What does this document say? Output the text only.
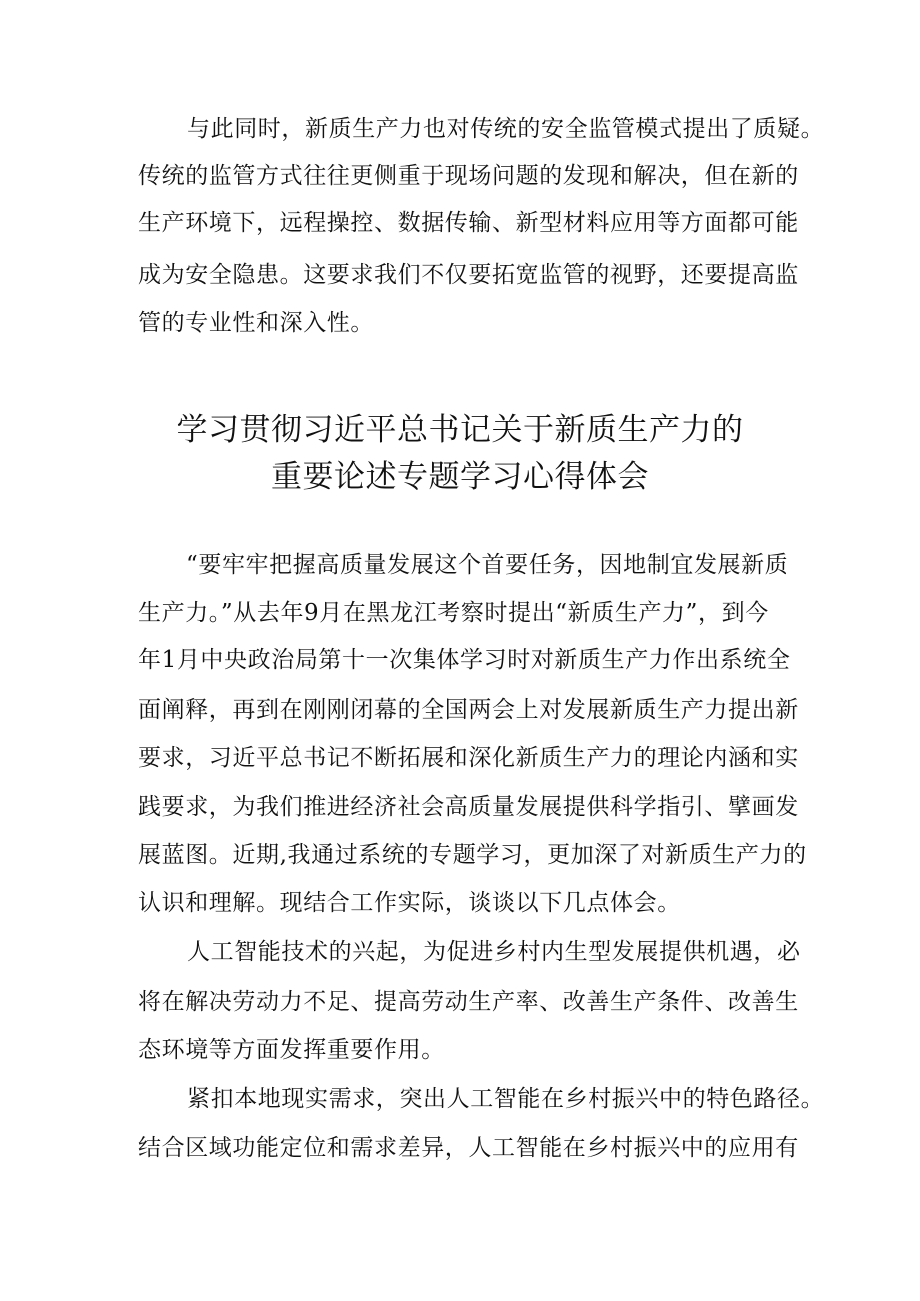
与此同时，新质生产力也对传统的安全监管模式提出了质疑。
传统的监管方式往往更侧重于现场问题的发现和解决，但在新的
生产环境下，远程操控、数据传输、新型材料应用等方面都可能
成为安全隐患。这要求我们不仅要拓宽监管的视野，还要提高监
管的专业性和深入性。
学习贯彻习近平总书记关于新质生产力的
重要论述专题学习心得体会
“要牢牢把握高质量发展这个首要任务，因地制宜发展新质
生产力。”从去年9月在黑龙江考察时提出“新质生产力”，到今
年1月中央政治局第十一次集体学习时对新质生产力作出系统全
面阐释，再到在刚刚闭幕的全国两会上对发展新质生产力提出新
要求，习近平总书记不断拓展和深化新质生产力的理论内涵和实
践要求，为我们推进经济社会高质量发展提供科学指引、擘画发
展蓝图。近期,我通过系统的专题学习，更加深了对新质生产力的
认识和理解。现结合工作实际，谈谈以下几点体会。
人工智能技术的兴起，为促进乡村内生型发展提供机遇，必
将在解决劳动力不足、提高劳动生产率、改善生产条件、改善生
态环境等方面发挥重要作用。
紧扣本地现实需求，突出人工智能在乡村振兴中的特色路径。
结合区域功能定位和需求差异，人工智能在乡村振兴中的应用有
